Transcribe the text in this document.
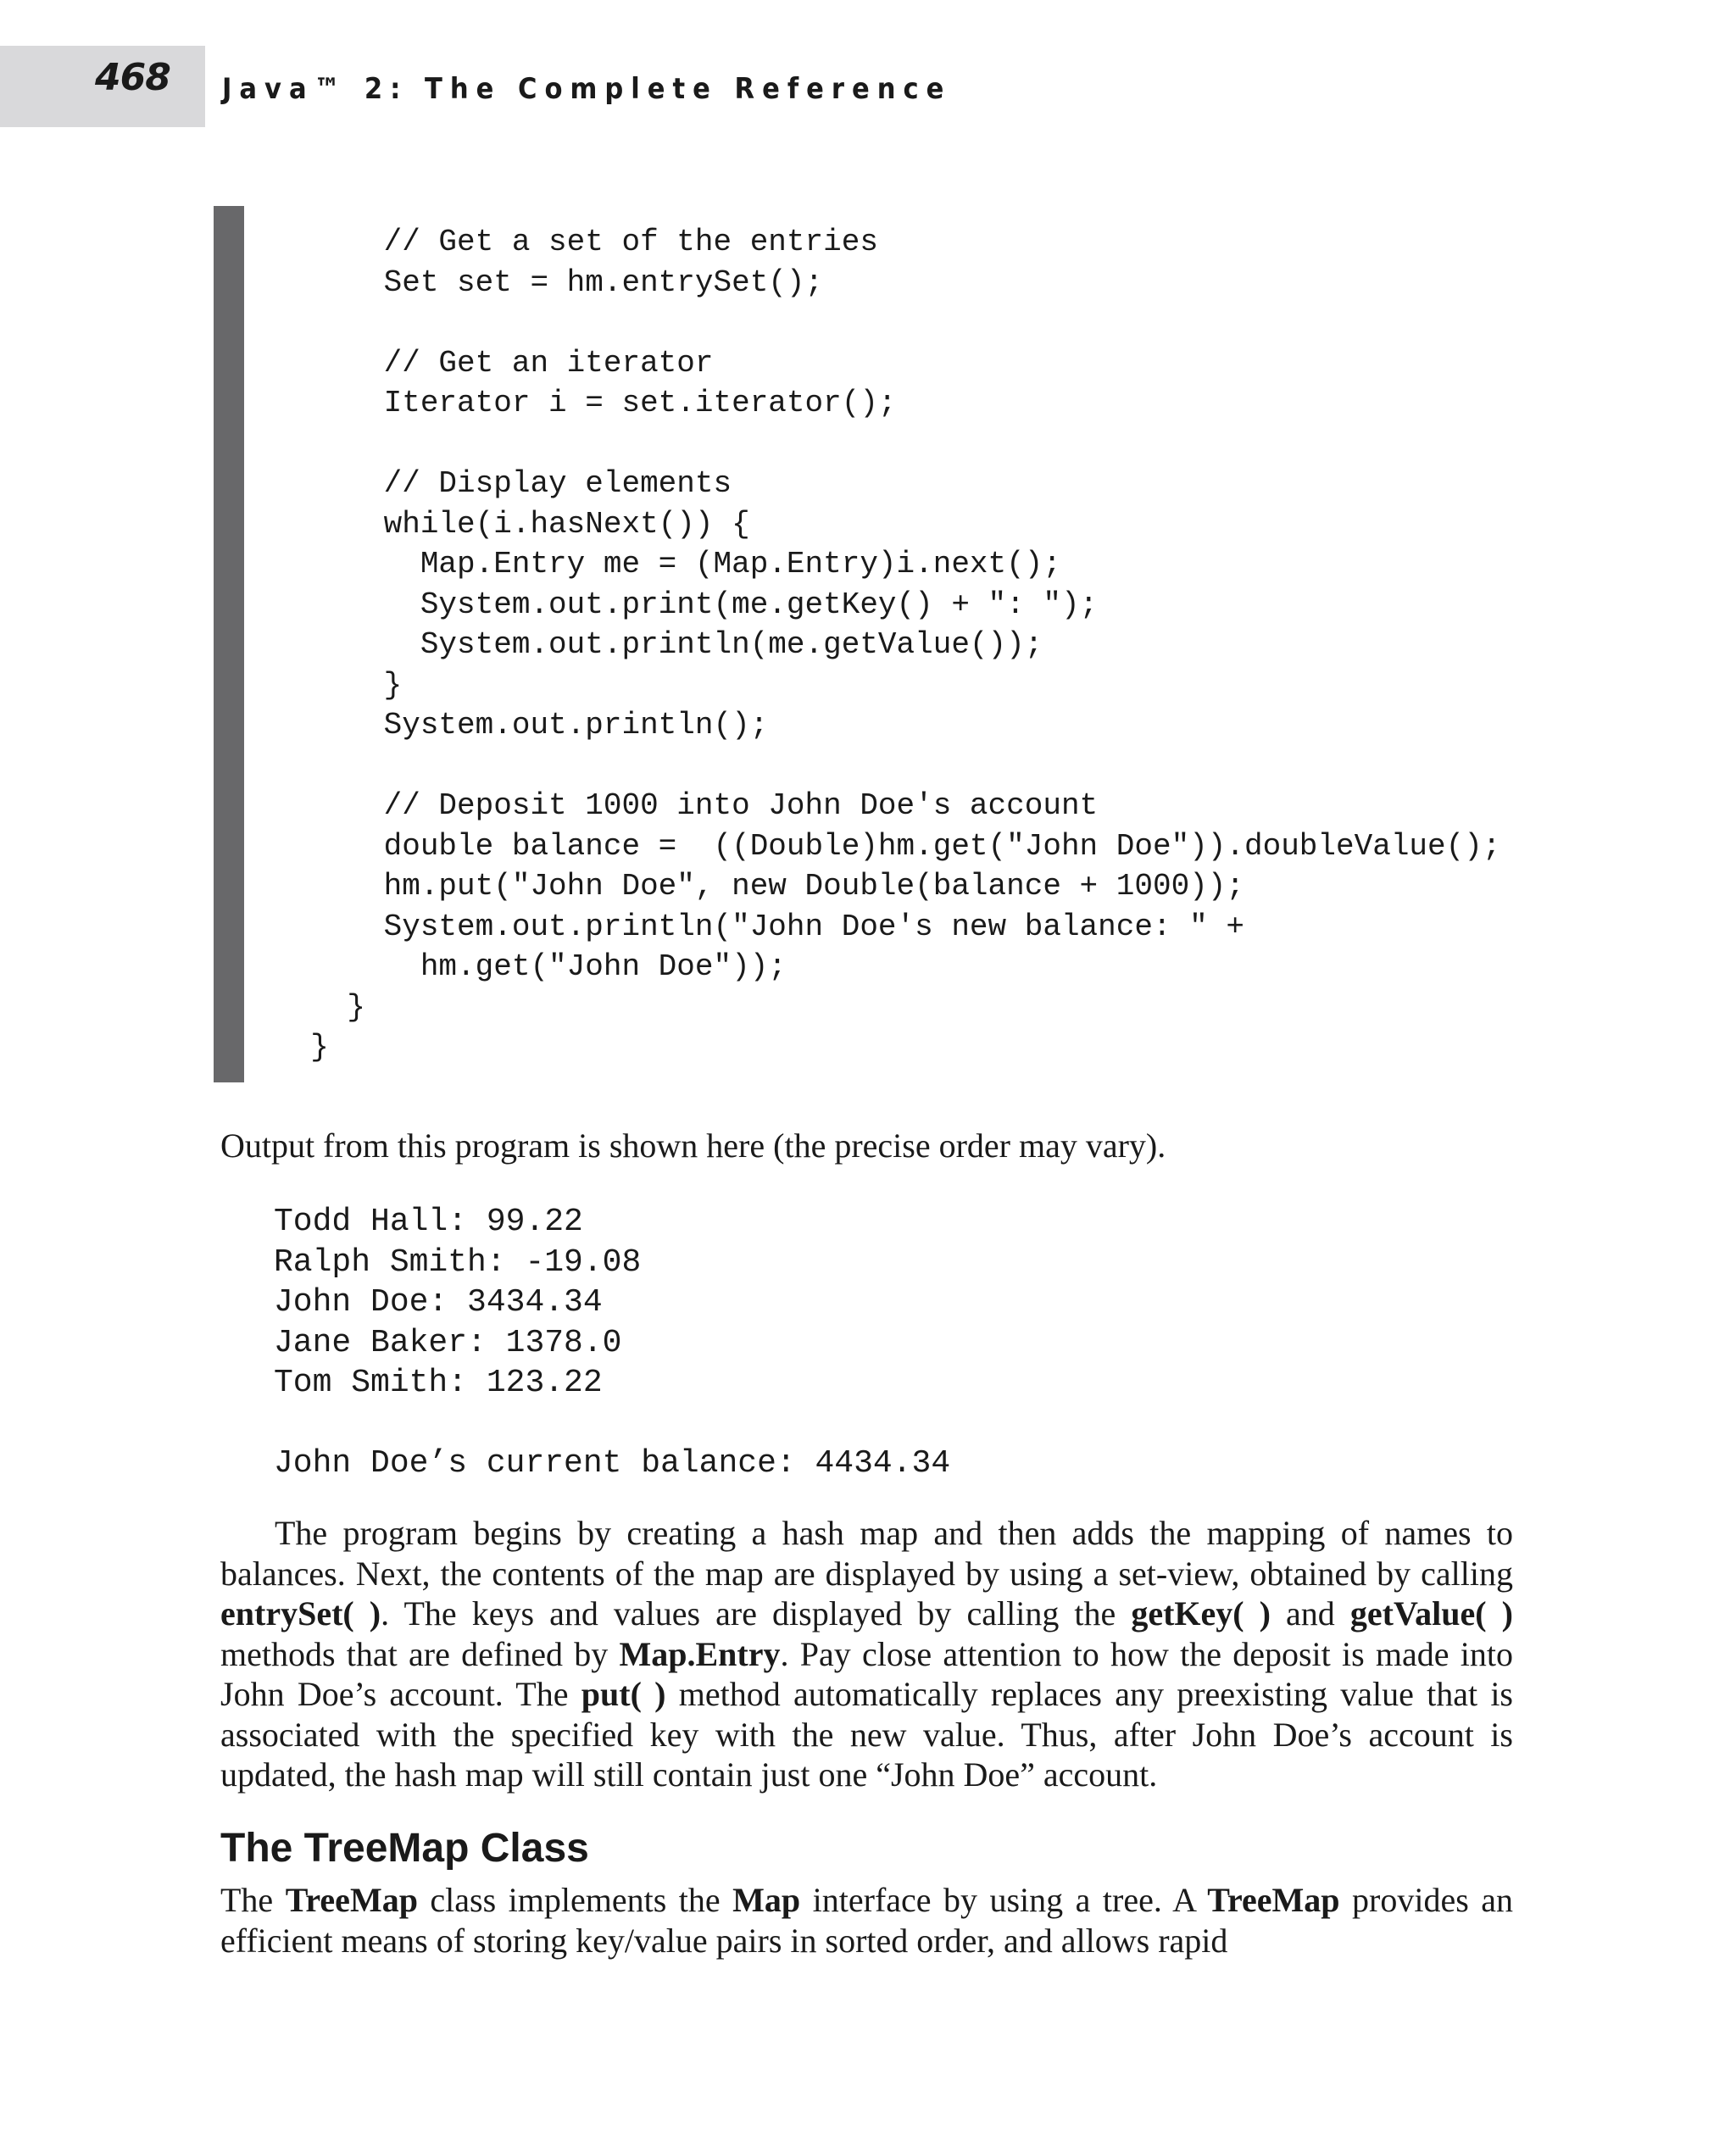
468 Java™ 2: The Complete Reference
// Get a set of the entries
Set set = hm.entrySet();

// Get an iterator
Iterator i = set.iterator();

// Display elements
while(i.hasNext()) {
Map.Entry me = (Map.Entry)i.next();
System.out.print(me.getKey() + ": ");
System.out.println(me.getValue());
}
System.out.println();

// Deposit 1000 into John Doe's account
double balance =  ((Double)hm.get("John Doe")).doubleValue();
hm.put("John Doe", new Double(balance + 1000));
System.out.println("John Doe's new balance: " +
hm.get("John Doe"));
}
}
Output from this program is shown here (the precise order may vary).
Todd Hall: 99.22
Ralph Smith: -19.08
John Doe: 3434.34
Jane Baker: 1378.0
Tom Smith: 123.22
John Doe’s current balance: 4434.34
The program begins by creating a hash map and then adds the mapping of names to balances. Next, the contents of the map are displayed by using a set-view, obtained by calling entrySet( ). The keys and values are displayed by calling the getKey( ) and getValue( ) methods that are defined by Map.Entry. Pay close attention to how the deposit is made into John Doe’s account. The put( ) method automatically replaces any preexisting value that is associated with the specified key with the new value. Thus, after John Doe’s account is updated, the hash map will still contain just one “John Doe” account.
The TreeMap Class
The TreeMap class implements the Map interface by using a tree. A TreeMap provides an efficient means of storing key/value pairs in sorted order, and allows rapid
